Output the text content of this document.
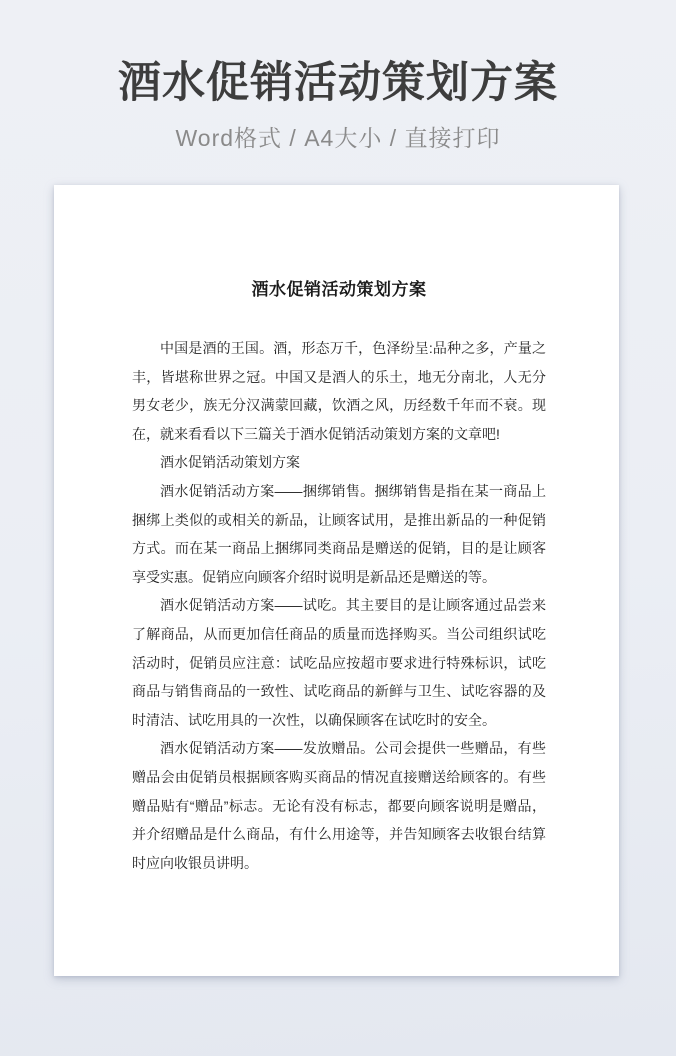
酒水促销活动策划方案
Word格式 / A4大小 / 直接打印
酒水促销活动策划方案

中国是酒的王国。酒，形态万千，色泽纷呈:品种之多，产量之丰，皆堪称世界之冠。中国又是酒人的乐土，地无分南北，人无分男女老少，族无分汉满蒙回藏，饮酒之风，历经数千年而不衰。现在，就来看看以下三篇关于酒水促销活动策划方案的文章吧!

酒水促销活动策划方案

酒水促销活动方案——捆绑销售。捆绑销售是指在某一商品上捆绑上类似的或相关的新品，让顾客试用，是推出新品的一种促销方式。而在某一商品上捆绑同类商品是赠送的促销，目的是让顾客享受实惠。促销应向顾客介绍时说明是新品还是赠送的等。

酒水促销活动方案——试吃。其主要目的是让顾客通过品尝来了解商品，从而更加信任商品的质量而选择购买。当公司组织试吃活动时，促销员应注意：试吃品应按超市要求进行特殊标识，试吃商品与销售商品的一致性、试吃商品的新鲜与卫生、试吃容器的及时清洁、试吃用具的一次性，以确保顾客在试吃时的安全。

酒水促销活动方案——发放赠品。公司会提供一些赠品，有些赠品会由促销员根据顾客购买商品的情况直接赠送给顾客的。有些赠品贴有“赠品”标志。无论有没有标志，都要向顾客说明是赠品，并介绍赠品是什么商品，有什么用途等，并告知顾客去收银台结算时应向收银员讲明。
